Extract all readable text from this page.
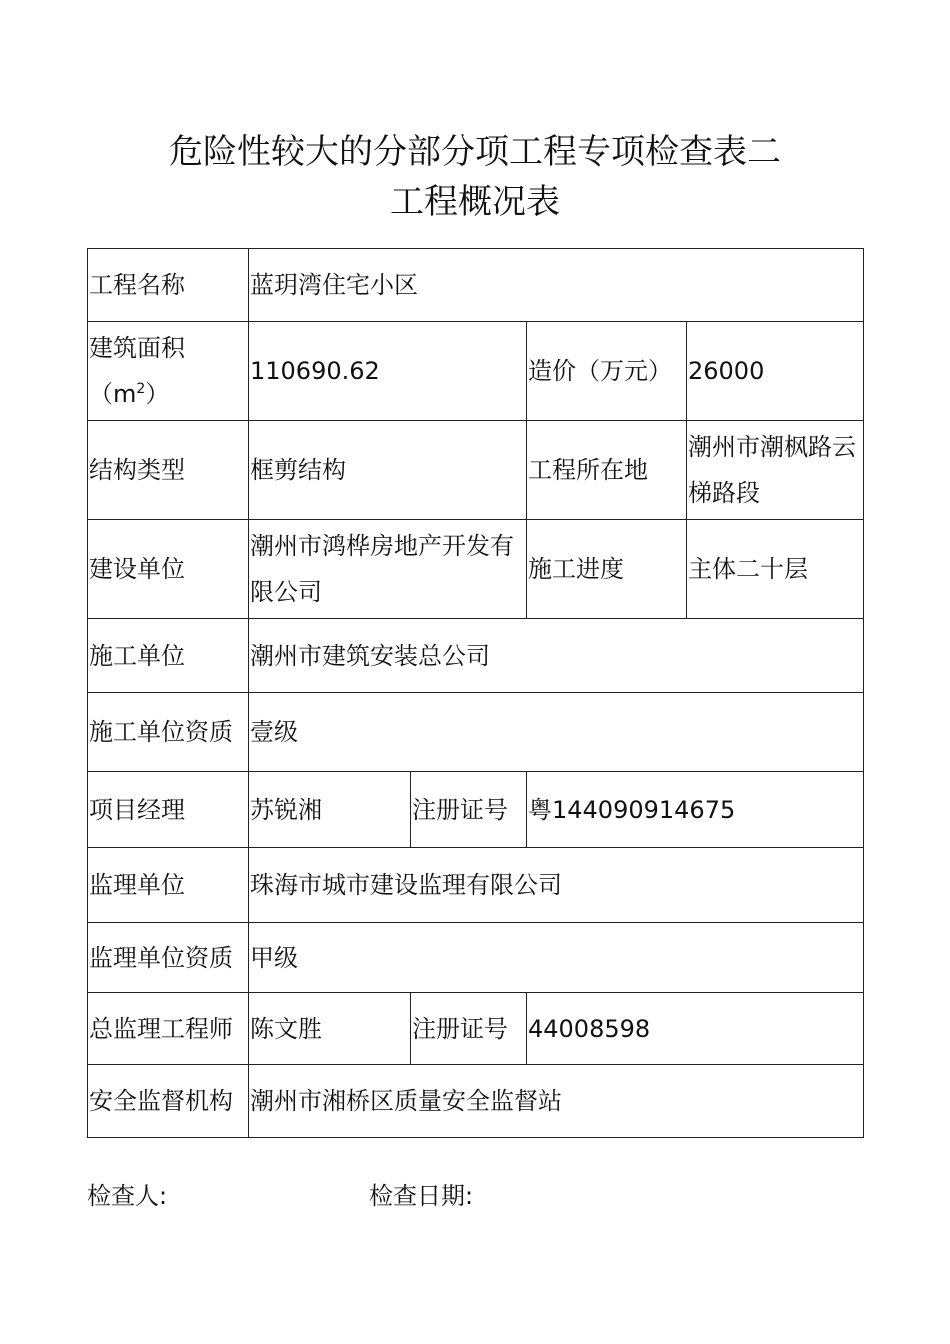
危险性较大的分部分项工程专项检查表二
工程概况表
工程名称	蓝玥湾住宅小区			

建筑面积
$(m^2)$	110690.62		造价（万元）	26000
结构类型	框剪结构		工程所在地	潮州市潮枫路云梯路段
建设单位	潮州市鸿桦房地产开发有限公司		施工进度	主体二十层
施工单位	潮州市建筑安装总公司			
施工单位资质	壹级			
项目经理	苏锐湘	注册证号	粤144090914675	
监理单位	珠海市城市建设监理有限公司			
监理单位资质	甲级			
总监理工程师	陈文胜	注册证号	44008598	
安全监督机构	潮州市湘桥区质量安全监督站			
检查人:	检查日期:
